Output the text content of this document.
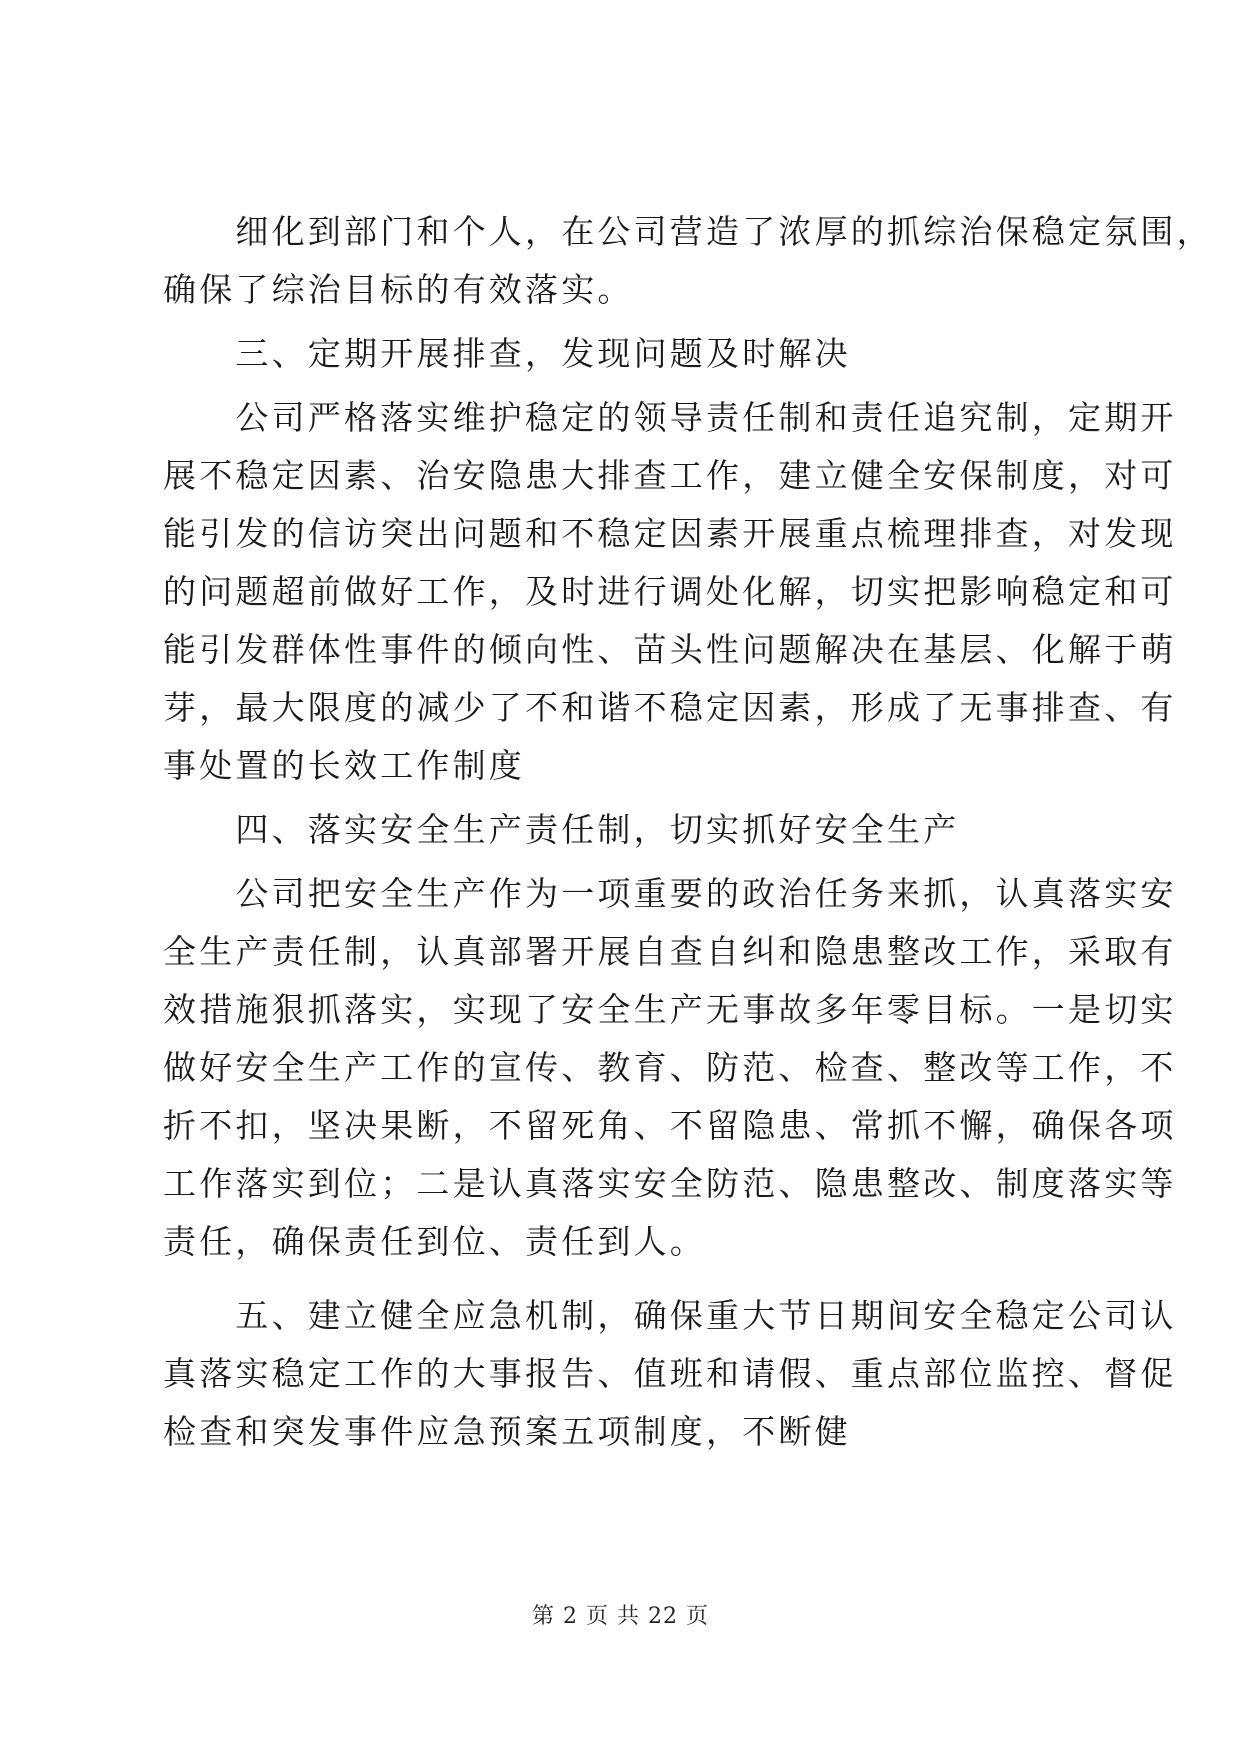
　　细化到部门和个人，在公司营造了浓厚的抓综治保稳定氛围，
确保了综治目标的有效落实。
　　三、定期开展排查，发现问题及时解决
　　公司严格落实维护稳定的领导责任制和责任追究制，定期开
展不稳定因素、治安隐患大排查工作，建立健全安保制度，对可
能引发的信访突出问题和不稳定因素开展重点梳理排查，对发现
的问题超前做好工作，及时进行调处化解，切实把影响稳定和可
能引发群体性事件的倾向性、苗头性问题解决在基层、化解于萌
芽，最大限度的减少了不和谐不稳定因素，形成了无事排查、有
事处置的长效工作制度
　　四、落实安全生产责任制，切实抓好安全生产
　　公司把安全生产作为一项重要的政治任务来抓，认真落实安
全生产责任制，认真部署开展自查自纠和隐患整改工作，采取有
效措施狠抓落实，实现了安全生产无事故多年零目标。一是切实
做好安全生产工作的宣传、教育、防范、检查、整改等工作，不
折不扣，坚决果断，不留死角、不留隐患、常抓不懈，确保各项
工作落实到位；二是认真落实安全防范、隐患整改、制度落实等
责任，确保责任到位、责任到人。
　　五、建立健全应急机制，确保重大节日期间安全稳定公司认
真落实稳定工作的大事报告、值班和请假、重点部位监控、督促
检查和突发事件应急预案五项制度，不断健
第 2 页 共 22 页
